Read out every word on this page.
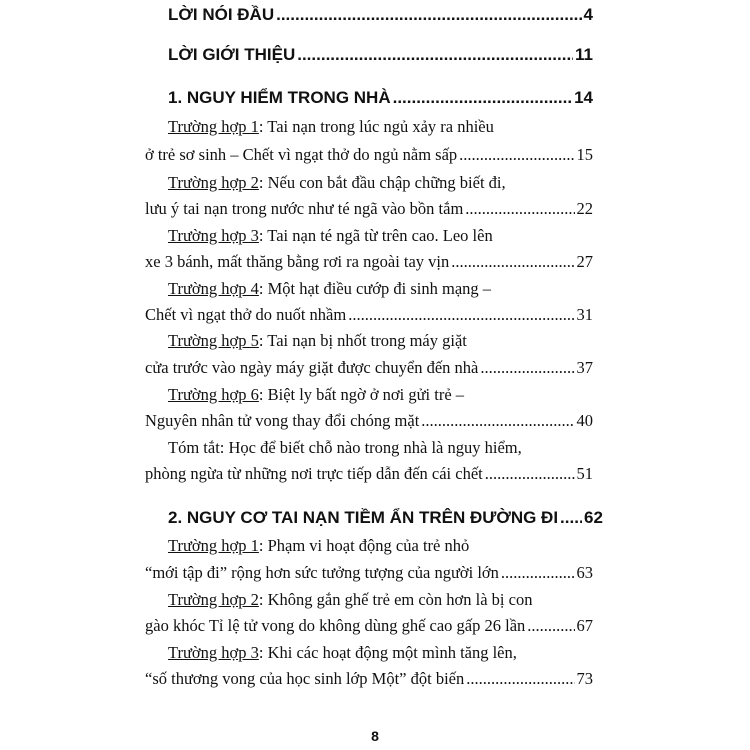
LỜI NÓI ĐẦU .....	4
LỜI GIỚI THIỆU .....	11
1. NGUY HIỂM TRONG NHÀ .....	14
Trường hợp 1 : Tai nạn trong lúc ngủ xảy ra nhiều
ở trẻ sơ sinh – Chết vì ngạt thở do ngủ nằm sấp .....	15
Trường hợp 2 : Nếu con bắt đầu chập chững biết đi,
lưu ý tai nạn trong nước như té ngã vào bồn tắm .....	22
Trường hợp 3 : Tai nạn té ngã từ trên cao. Leo lên
xe 3 bánh, mất thăng bằng rơi ra ngoài tay vịn .....	27
Trường hợp 4 : Một hạt điều cướp đi sinh mạng –
Chết vì ngạt thở do nuốt nhầm .....	31
Trường hợp 5 : Tai nạn bị nhốt trong máy giặt
cửa trước vào ngày máy giặt được chuyển đến nhà .....	37
Trường hợp 6 : Biệt ly bất ngờ ở nơi gửi trẻ –
Nguyên nhân tử vong thay đổi chóng mặt .....	40
Tóm tắt: Học để biết chỗ nào trong nhà là nguy hiểm,
phòng ngừa từ những nơi trực tiếp dẫn đến cái chết .....	51
2. NGUY CƠ TAI NẠN TIỀM ẨN TRÊN ĐƯỜNG ĐI ..... 62
Trường hợp 1 : Phạm vi hoạt động của trẻ nhỏ
“mới tập đi” rộng hơn sức tưởng tượng của người lớn .....	63
Trường hợp 2 : Không gắn ghế trẻ em còn hơn là bị con
gào khóc Tỉ lệ tử vong do không dùng ghế cao gấp 26 lần .....	67
Trường hợp 3 : Khi các hoạt động một mình tăng lên,
“số thương vong của học sinh lớp Một” đột biến .....	73
8
